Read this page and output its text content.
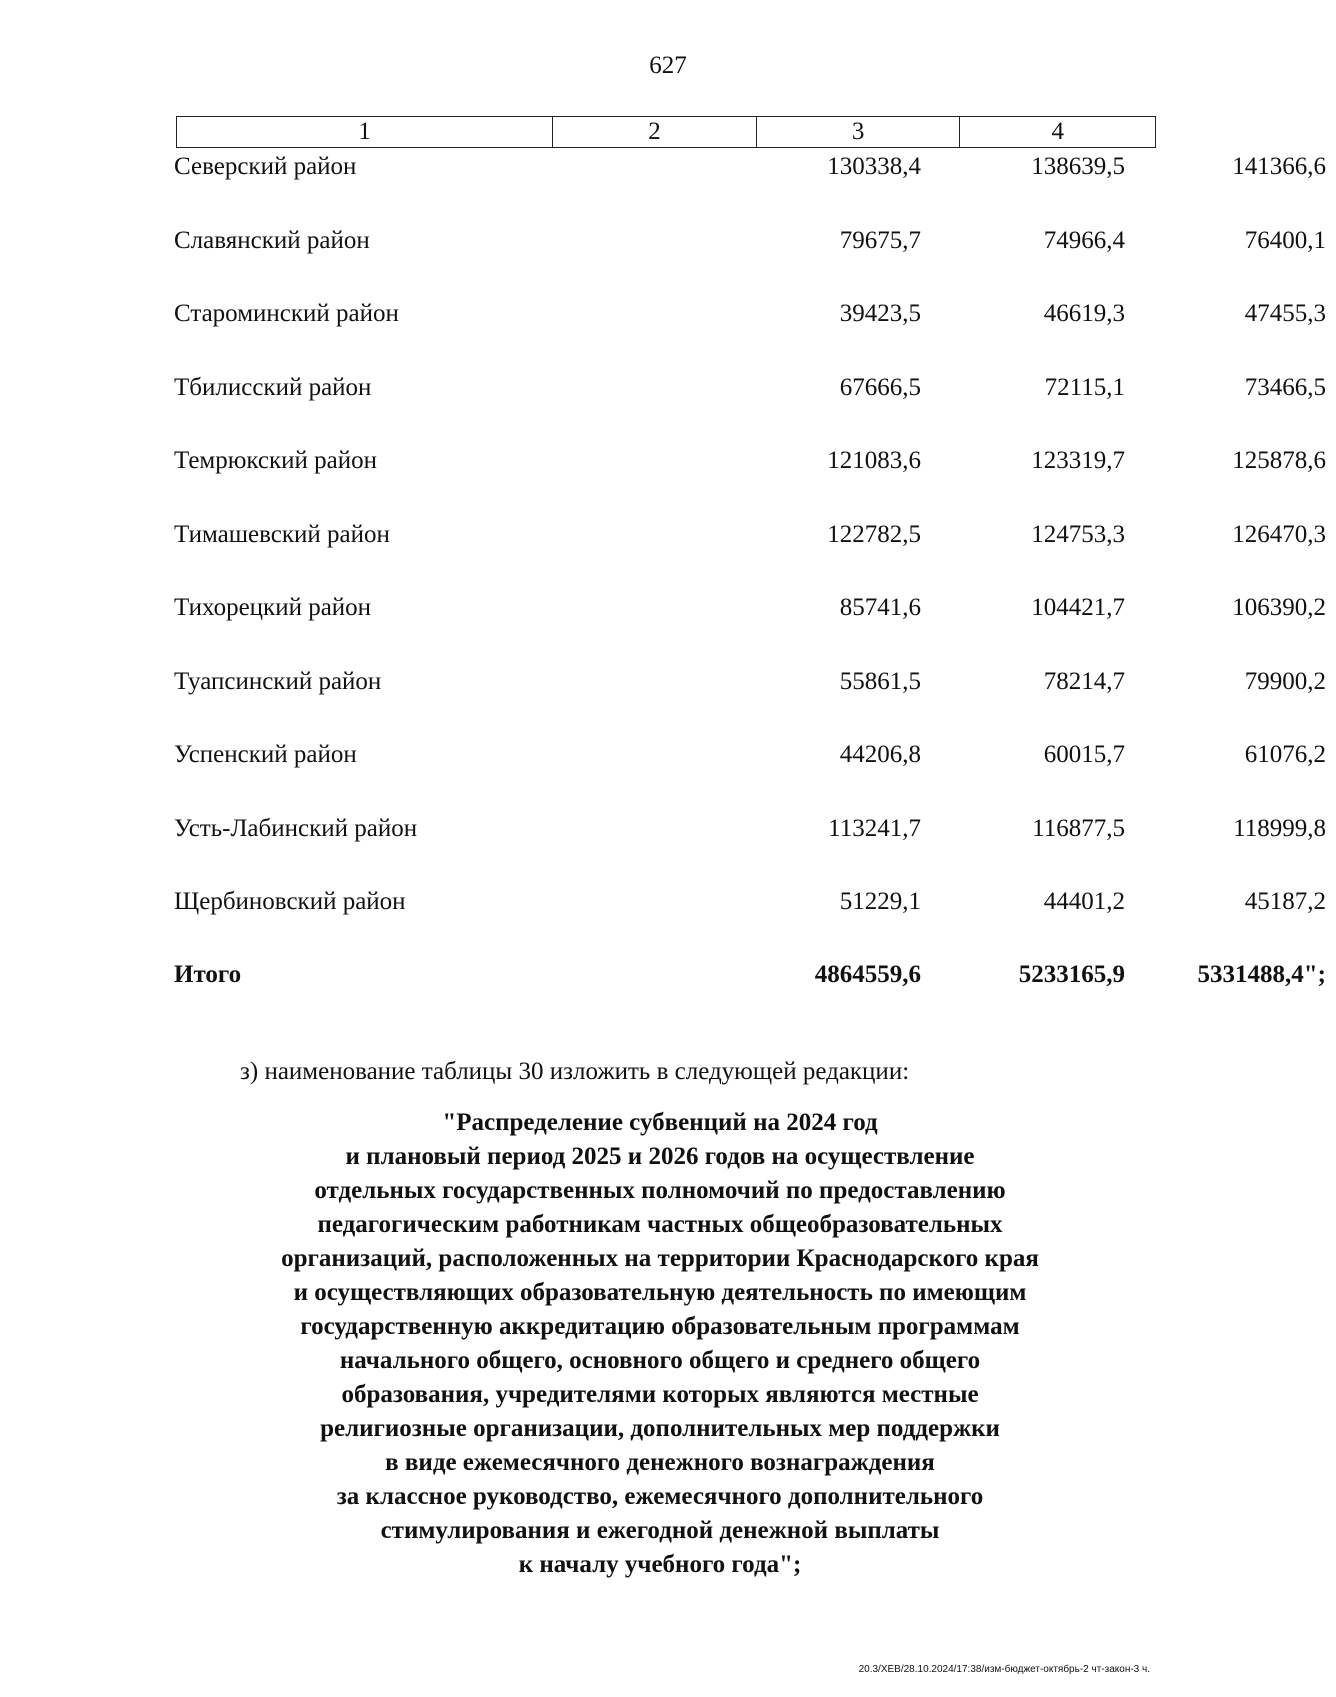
627
1	2	3	4
Северский район	130338,4	138639,5	141366,6
Славянский район	79675,7	74966,4	76400,1
Староминский район	39423,5	46619,3	47455,3
Тбилисский район	67666,5	72115,1	73466,5
Темрюкский район	121083,6	123319,7	125878,6
Тимашевский район	122782,5	124753,3	126470,3
Тихорецкий район	85741,6	104421,7	106390,2
Туапсинский район	55861,5	78214,7	79900,2
Успенский район	44206,8	60015,7	61076,2
Усть-Лабинский район	113241,7	116877,5	118999,8
Щербиновский район	51229,1	44401,2	45187,2
Итого	4864559,6	5233165,9	5331488,4";
з) наименование таблицы 30 изложить в следующей редакции:
"Распределение субвенций на 2024 год
и плановый период 2025 и 2026 годов на осуществление
отдельных государственных полномочий по предоставлению
педагогическим работникам частных общеобразовательных
организаций, расположенных на территории Краснодарского края
и осуществляющих образовательную деятельность по имеющим
государственную аккредитацию образовательным программам
начального общего, основного общего и среднего общего
образования, учредителями которых являются местные
религиозные организации, дополнительных мер поддержки
в виде ежемесячного денежного вознаграждения
за классное руководство, ежемесячного дополнительного
стимулирования и ежегодной денежной выплаты
к началу учебного года";
20.3/ХЕВ/28.10.2024/17:38/изм-бюджет-октябрь-2 чт-закон-3 ч.
